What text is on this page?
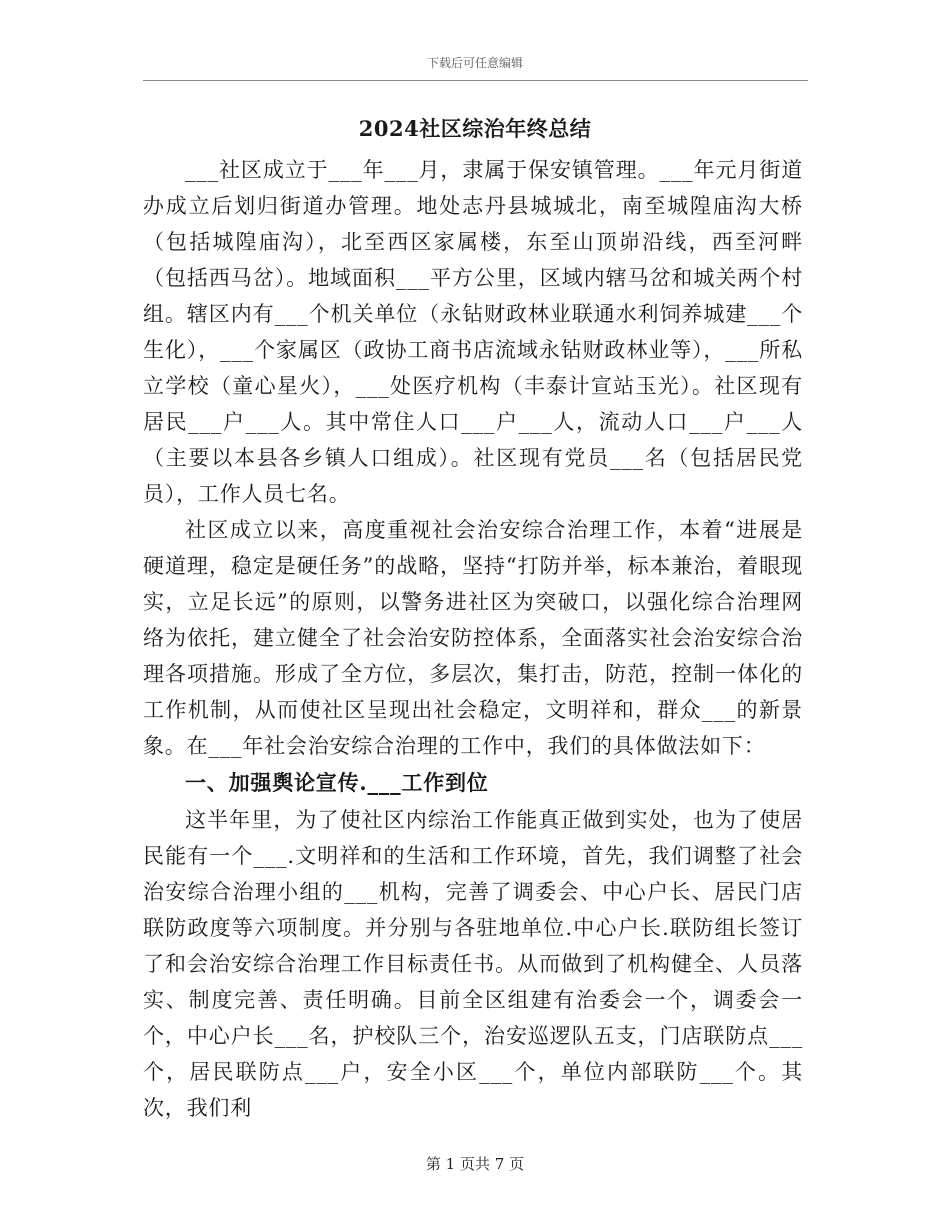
下载后可任意编辑
2024社区综治年终总结

___社区成立于___年___月，隶属于保安镇管理。___年元月街道办成立后划归街道办管理。地处志丹县城城北，南至城隍庙沟大桥（包括城隍庙沟），北至西区家属楼，东至山顶峁沿线，西至河畔（包括西马岔）。地域面积___平方公里，区域内辖马岔和城关两个村组。辖区内有___个机关单位（永钻财政林业联通水利饲养城建___个生化），___个家属区（政协工商书店流域永钻财政林业等），___所私立学校（童心星火），___处医疗机构（丰泰计宣站玉光）。社区现有居民___户___人。其中常住人口___户___人，流动人口___户___人（主要以本县各乡镇人口组成）。社区现有党员___名（包括居民党员），工作人员七名。

社区成立以来，高度重视社会治安综合治理工作，本着“进展是硬道理，稳定是硬任务”的战略，坚持“打防并举，标本兼治，着眼现实，立足长远”的原则，以警务进社区为突破口，以强化综合治理网络为依托，建立健全了社会治安防控体系，全面落实社会治安综合治理各项措施。形成了全方位，多层次，集打击，防范，控制一体化的工作机制，从而使社区呈现出社会稳定，文明祥和，群众___的新景象。在___年社会治安综合治理的工作中，我们的具体做法如下：

一、加强舆论宣传.___工作到位

这半年里，为了使社区内综治工作能真正做到实处，也为了使居民能有一个___.文明祥和的生活和工作环境，首先，我们调整了社会治安综合治理小组的___机构，完善了调委会、中心户长、居民门店联防政度等六项制度。并分别与各驻地单位.中心户长.联防组长签订了和会治安综合治理工作目标责任书。从而做到了机构健全、人员落实、制度完善、责任明确。目前全区组建有治委会一个，调委会一个，中心户长___名，护校队三个，治安巡逻队五支，门店联防点___个，居民联防点___户，安全小区___个，单位内部联防___个。其次，我们利

第 1 页共 7 页
